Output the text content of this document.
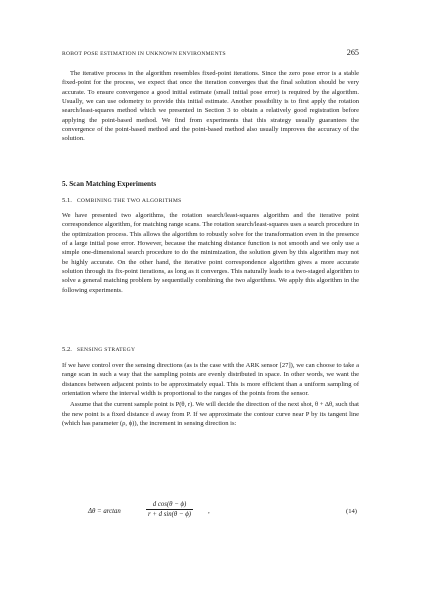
ROBOT POSE ESTIMATION IN UNKNOWN ENVIRONMENTS	265

The iterative process in the algorithm resembles fixed-point iterations. Since the zero pose error is a stable fixed-point for the process, we expect that once the iteration converges that the final solution should be very accurate. To ensure convergence a good initial estimate (small initial pose error) is required by the algorithm. Usually, we can use odometry to provide this initial estimate. Another possibility is to first apply the rotation search/least-squares method which we presented in Section 3 to obtain a relatively good registration before applying the point-based method. We find from experiments that this strategy usually guarantees the convergence of the point-based method and the point-based method also usually improves the accuracy of the solution.

5. Scan Matching Experiments
5.1. COMBINING THE TWO ALGORITHMS

We have presented two algorithms, the rotation search/least-squares algorithm and the iterative point correspondence algorithm, for matching range scans. The rotation search/least-squares uses a search procedure in the optimization process. This allows the algorithm to robustly solve for the transformation even in the presence of a large initial pose error. However, because the matching distance function is not smooth and we only use a simple one-dimensional search procedure to do the minimization, the solution given by this algorithm may not be highly accurate. On the other hand, the iterative point correspondence algorithm gives a more accurate solution through its fix-point iterations, as long as it converges. This naturally leads to a two-staged algorithm to solve a general matching problem by sequentially combining the two algorithms. We apply this algorithm in the following experiments.

5.2. SENSING STRATEGY

If we have control over the sensing directions (as is the case with the ARK sensor [27]), we can choose to take a range scan in such a way that the sampling points are evenly distributed in space. In other words, we want the distances between adjacent points to be approximately equal. This is more efficient than a uniform sampling of orientation where the interval width is proportional to the ranges of the points from the sensor.

Assume that the current sample point is P(θ, r). We will decide the direction of the next shot, θ + Δθ, such that the new point is a fixed distance d away from P. If we approximate the contour curve near P by its tangent line (which has parameter (ρ, ϕ)), the increment in sensing direction is:

Δθ = arctan
d cos(θ − ϕ)
r + d sin(θ − ϕ) ,	(14)
